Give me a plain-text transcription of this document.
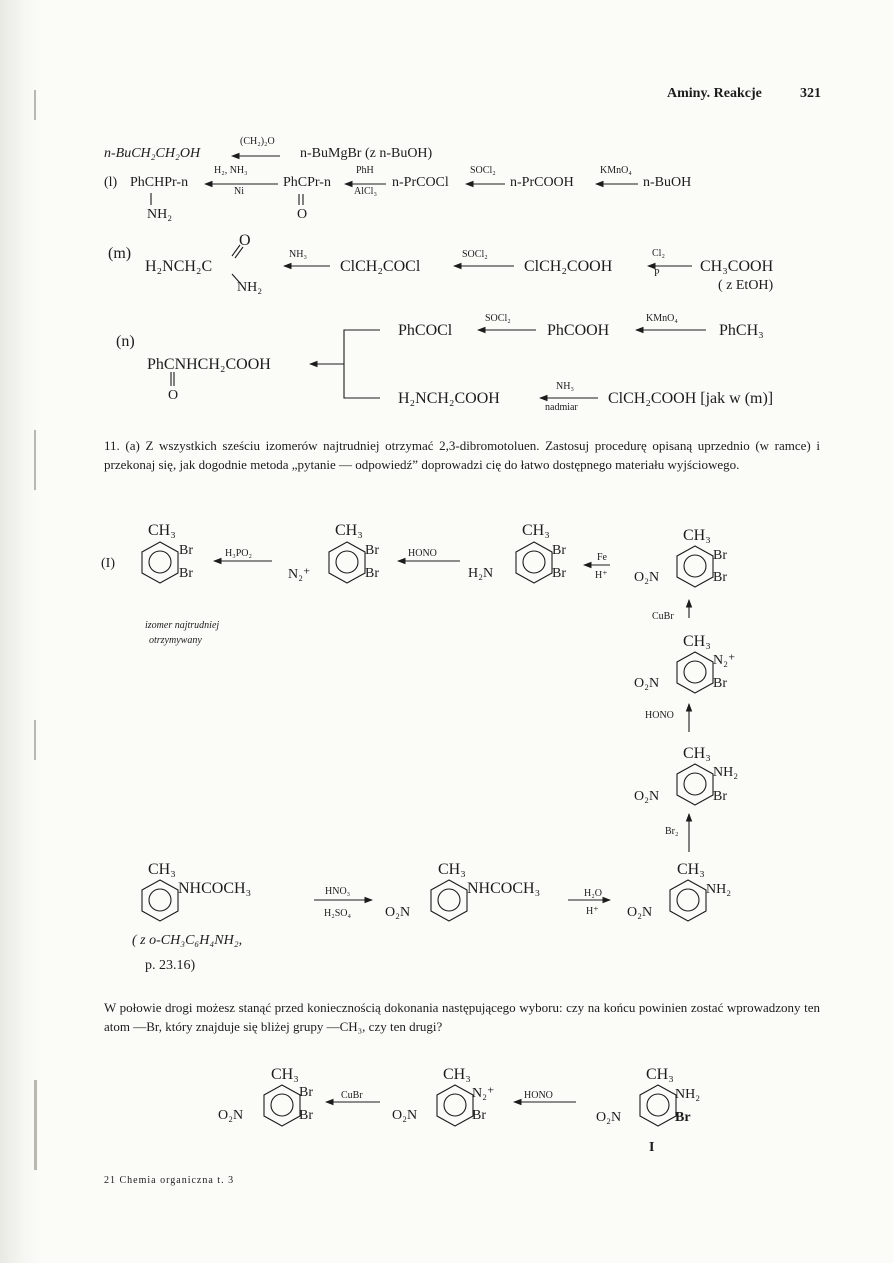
Aminy. Reakcje	321
n-BuCH₂CH₂OH
(CH₂)₂O
n-BuMgBr (z n-BuOH)
(l) PhCHPr-n
H₂, NH₃
Ni
PhCPr-n
PhH
AlCl₃
n-PrCOCl
SOCl₂
n-PrCOOH
KMnO₄
n-BuOH
NH₂	O
(m)
H₂NCH₂C
O
NH₂
NH₃
ClCH₂COCl
SOCl₂
ClCH₂COOH
Cl₂
P	CH₃COOH
( z EtOH)
(n)
PhCOCl
SOCl₂
PhCOOH
KMnO₄
PhCH₃
PhCNHCH₂COOH
O	H₂NCH₂COOH
NH₃
nadmiar
ClCH₂COOH [jak w (m)]
11. (a) Z wszystkich sześciu izomerów najtrudniej otrzymać 2,3-dibromotoluen. Zastosuj procedurę opisaną uprzednio (w ramce) i przekonaj się, jak dogodnie metoda „pytanie — odpowiedź” doprowadzi cię do łatwo dostępnego materiału wyjściowego.
(I)
CH₃
Br
Br
H₃PO₂
izomer najtrudniej
otrzymywany
CH₃
Br
Br
N₂⁺
HONO
CH₃
Br
Br
H₂N
Fe
H⁺
CH₃
Br
Br
O₂N
CuBr
CH₃
N₂⁺
Br
O₂N
HONO
CH₃
NH₂
Br
O₂N
Br₂
CH₃
NHCOCH₃
( z o-CH₃C₆H₄NH₂,
p. 23.16)
HNO₃
H₂SO₄
CH₃
NHCOCH₃
O₂N
H₂O
H⁺
CH₃
NH₂
O₂N
W połowie drogi możesz stanąć przed koniecznością dokonania następującego wyboru: czy na końcu powinien zostać wprowadzony ten atom —Br, który znajduje się bliżej grupy —CH₃, czy ten drugi?
CH₃
Br
Br
O₂N
CuBr
CH₃
N₂⁺
Br
O₂N
HONO
CH₃
NH₂
Br
O₂N
I
21 Chemia organiczna t. 3
